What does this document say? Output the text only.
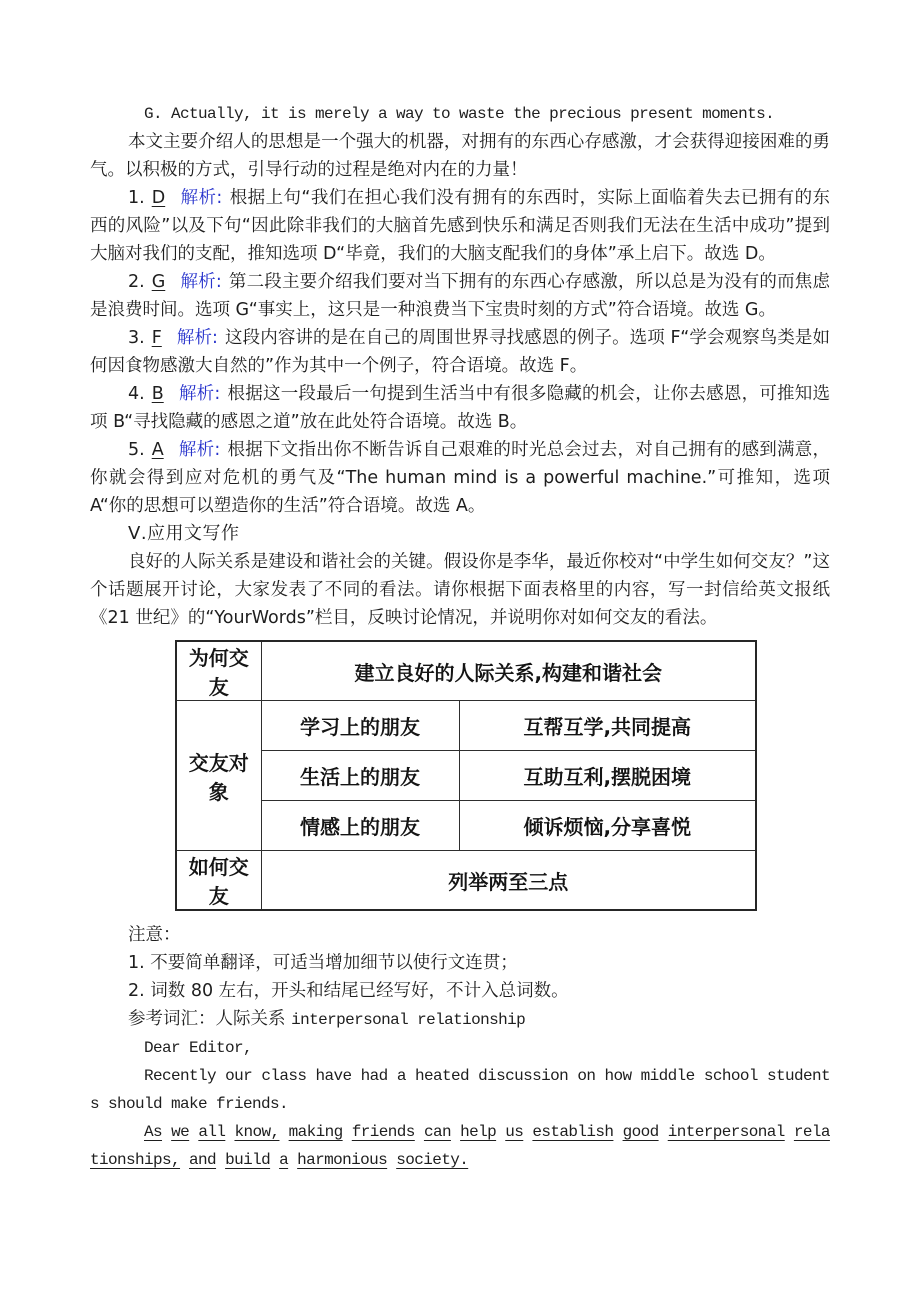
G. Actually, it is merely a way to waste the precious present moments.

本文主要介绍人的思想是一个强大的机器，对拥有的东西心存感激，才会获得迎接困难的勇气。以积极的方式，引导行动的过程是绝对内在的力量！

1. D 解析: 根据上句“我们在担心我们没有拥有的东西时，实际上面临着失去已拥有的东西的风险”以及下句“因此除非我们的大脑首先感到快乐和满足否则我们无法在生活中成功”提到大脑对我们的支配，推知选项 D“毕竟，我们的大脑支配我们的身体”承上启下。故选 D。

2. G 解析: 第二段主要介绍我们要对当下拥有的东西心存感激，所以总是为没有的而焦虑是浪费时间。选项 G“事实上，这只是一种浪费当下宝贵时刻的方式”符合语境。故选 G。

3. F 解析: 这段内容讲的是在自己的周围世界寻找感恩的例子。选项 F“学会观察鸟类是如何因食物感激大自然的”作为其中一个例子，符合语境。故选 F。

4. B 解析: 根据这一段最后一句提到生活当中有很多隐藏的机会，让你去感恩，可推知选项 B“寻找隐藏的感恩之道”放在此处符合语境。故选 B。

5. A 解析: 根据下文指出你不断告诉自己艰难的时光总会过去，对自己拥有的感到满意，你就会得到应对危机的勇气及“The human mind is a powerful machine.”可推知，选项 A“你的思想可以塑造你的生活”符合语境。故选 A。

Ⅴ.应用文写作

良好的人际关系是建设和谐社会的关键。假设你是李华，最近你校对“中学生如何交友？”这个话题展开讨论，大家发表了不同的看法。请你根据下面表格里的内容，写一封信给英文报纸《21 世纪》的“YourWords”栏目，反映讨论情况，并说明你对如何交友的看法。

为何交友	建立良好的人际关系,构建和谐社会	
交友对象	学习上的朋友	互帮互学,共同提高
	生活上的朋友	互助互利,摆脱困境
	情感上的朋友	倾诉烦恼,分享喜悦
如何交友	列举两至三点	

注意：

1. 不要简单翻译，可适当增加细节以使行文连贯；

2. 词数 80 左右，开头和结尾已经写好，不计入总词数。

参考词汇：人际关系 interpersonal relationship

Dear Editor,

Recently our class have had a heated discussion on how middle school students should make friends.

As we all know, making friends can help us establish good interpersonal relationships, and build a harmonious society.
